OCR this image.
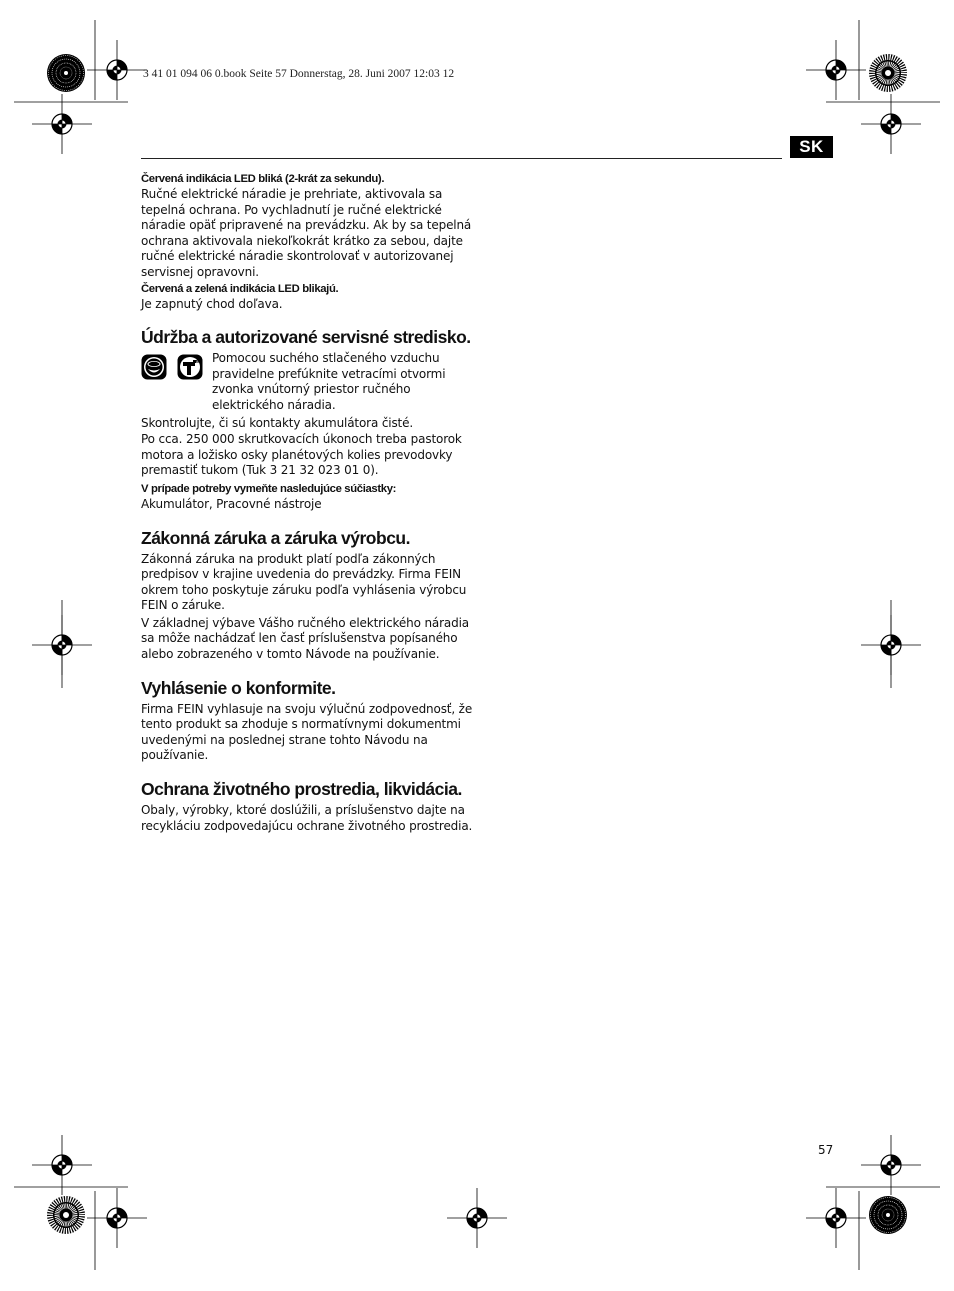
3 41 01 094 06 0.book Seite 57 Donnerstag, 28. Juni 2007 12:03 12
SK

Červená indikácia LED bliká (2-krát za sekundu).

Ručné elektrické náradie je prehriate, aktivovala sa tepelná ochrana. Po vychladnutí je ručné elektrické náradie opäť pripravené na prevádzku. Ak by sa tepelná ochrana aktivovala niekoľkokrát krátko za sebou, dajte ručné elektrické náradie skontrolovať v autorizovanej servisnej opravovni.

Červená a zelená indikácia LED blikajú.

Je zapnutý chod doľava.

Údržba a autorizované servisné stredisko.

Pomocou suchého stlačeného vzduchu pravidelne prefúknite vetracími otvormi zvonka vnútorný priestor ručného elektrického náradia.

Skontrolujte, či sú kontakty akumulátora čisté.

Po cca. 250 000 skrutkovacích úkonoch treba pastorok motora a ložisko osky planétových kolies prevodovky premastiť tukom (Tuk 3 21 32 023 01 0).

V prípade potreby vymeňte nasledujúce súčiastky:

Akumulátor, Pracovné nástroje

Zákonná záruka a záruka výrobcu.

Zákonná záruka na produkt platí podľa zákonných predpisov v krajine uvedenia do prevádzky. Firma FEIN okrem toho poskytuje záruku podľa vyhlásenia výrobcu FEIN o záruke.

V základnej výbave Vášho ručného elektrického náradia sa môže nachádzať len časť príslušenstva popísaného alebo zobrazeného v tomto Návode na používanie.

Vyhlásenie o konformite.

Firma FEIN vyhlasuje na svoju výlučnú zodpovednosť, že tento produkt sa zhoduje s normatívnymi dokumentmi uvedenými na poslednej strane tohto Návodu na používanie.

Ochrana životného prostredia, likvidácia.

Obaly, výrobky, ktoré doslúžili, a príslušenstvo dajte na recykláciu zodpovedajúcu ochrane životného prostredia.

57
